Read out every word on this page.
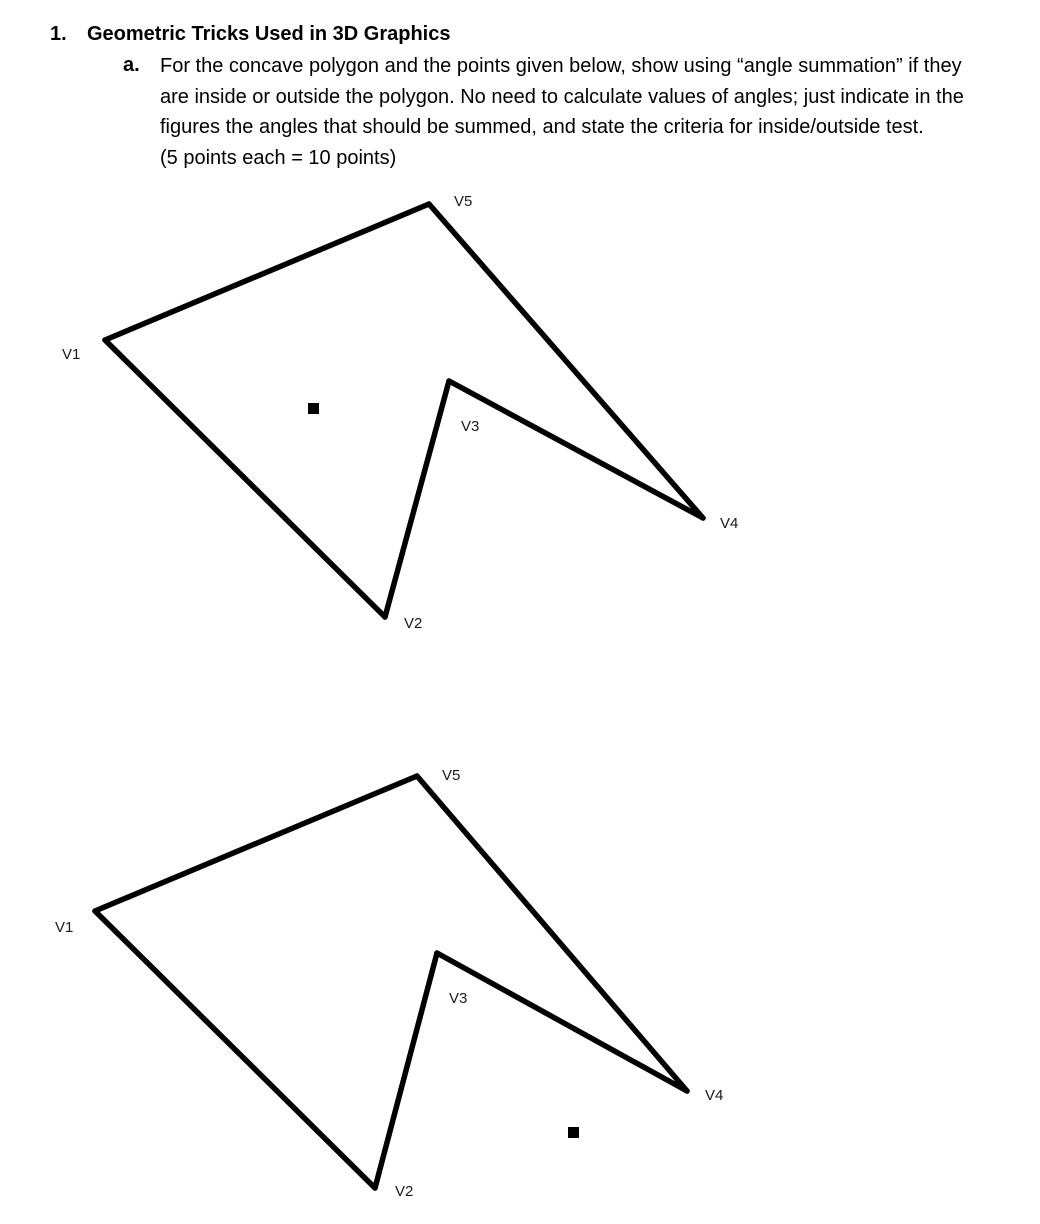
1. Geometric Tricks Used in 3D Graphics
a. For the concave polygon and the points given below, show using “angle summation” if they
are inside or outside the polygon. No need to calculate values of angles; just indicate in the
figures the angles that should be summed, and state the criteria for inside/outside test.
(5 points each = 10 points)
V1
V2
V3
V4
V5
V1
V2
V3
V4
V5
